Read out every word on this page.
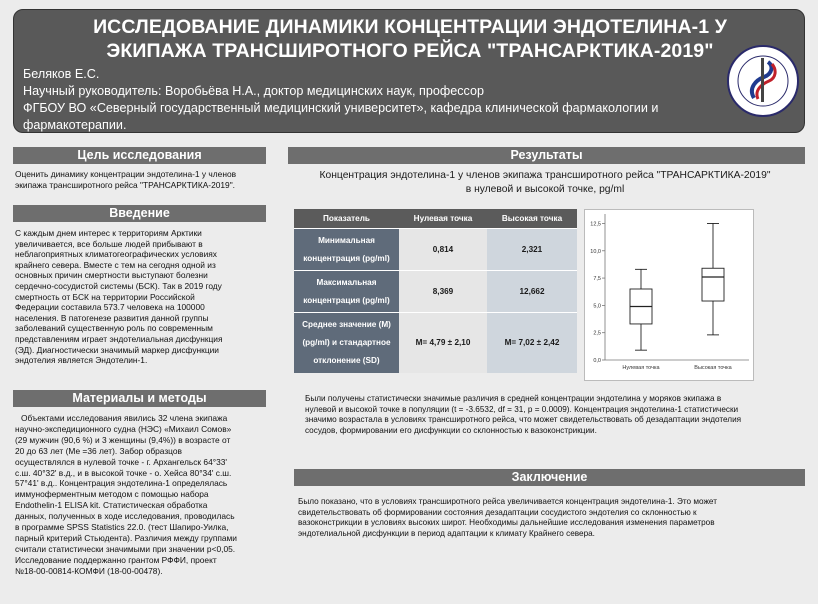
ИССЛЕДОВАНИЕ ДИНАМИКИ КОНЦЕНТРАЦИИ ЭНДОТЕЛИНА-1 У
ЭКИПАЖА ТРАНСШИРОТНОГО РЕЙСА "ТРАНСАРКТИКА-2019"
Беляков Е.С.
Научный руководитель: Воробьёва Н.А., доктор медицинских наук, профессор
ФГБОУ ВО «Северный государственный медицинский университет», кафедра клинической фармакологии и
фармакотерапии.
Цель исследования
Оценить динамику концентрации эндотелина-1 у членов
экипажа трансширотного рейса "ТРАНСАРКТИКА-2019".
Введение
С каждым днем интерес к территориям Арктики
увеличивается, все больше людей прибывают в
неблагоприятных климатогеографических условиях
крайнего севера. Вместе с тем на сегодня одной из
основных причин смертности выступают болезни
сердечно-сосудистой системы (БСК). Так в 2019 году
смертность от БСК на территории Российской
Федерации составила 573.7 человека на 100000
населения. В патогенезе развития данной группы
заболеваний существенную роль по современным
представлениям играет эндотелиальная дисфункция
(ЭД). Диагностически значимый маркер дисфункции
эндотелия является Эндотелин-1.
Материалы и методы
Объектами исследования явились 32 члена экипажа
научно-экспедиционного судна (НЭС) «Михаил Сомов»
(29 мужчин (90,6 %) и 3 женщины (9,4%)) в возрасте от
20 до 63 лет (Ме =36 лет). Забор образцов
осуществлялся в нулевой точке - г. Архангельск 64°33'
с.ш. 40°32' в.д., и в высокой точке - о. Хейса 80°34' с.ш.
57°41' в.д.. Концентрация эндотелина-1 определялась
иммуноферментным методом с помощью набора
Endothelin-1 ELISA kit. Статистическая обработка
данных, полученных в ходе исследования, проводилась
в программе SPSS Statistics 22.0. (тест Шапиро-Уилка,
парный критерий Стьюдента). Различия между группами
считали статистически значимыми при значении р<0,05.
Исследование поддержанно грантом РФФИ, проект
№18-00-00814-КОМФИ (18-00-00478).
Результаты
Концентрация эндотелина-1 у членов экипажа трансширотного рейса "ТРАНСАРКТИКА-2019"
в нулевой и высокой точке, pg/ml
Показатель	Нулевая точка	Высокая точка

Минимальная
концентрация (pg/ml)	0,814	2,321

Максимальная
концентрация (pg/ml)	8,369	12,662

Среднее значение (М)
(pg/ml) и стандартное
отклонение (SD)	M= 4,79 ± 2,10	M= 7,02 ± 2,42
0,0
2,5
5,0
7,5
10,0
12,5
Нулевая точка	Высокая точка
Были получены статистически значимые различия в средней концентрации эндотелина у моряков экипажа в
нулевой и высокой точке в популяции (t = -3.6532, df = 31, p = 0.0009). Концентрация эндотелина-1 статистически
значимо возрастала в условиях трансширотного рейса, что может свидетельствовать об дезадаптации эндотелия
сосудов, формировании его дисфункции со склонностью к вазоконстрикции.
Заключение
Было показано, что в условиях трансширотного рейса увеличивается концентрация эндотелина-1. Это может
свидетельствовать об формировании состояния дезадаптации сосудистого эндотелия со склонностью к
вазоконстрикции в условиях высоких широт. Необходимы дальнейшие исследования изменения параметров
эндотелиальной дисфункции в период адаптации к климату Крайнего севера.
